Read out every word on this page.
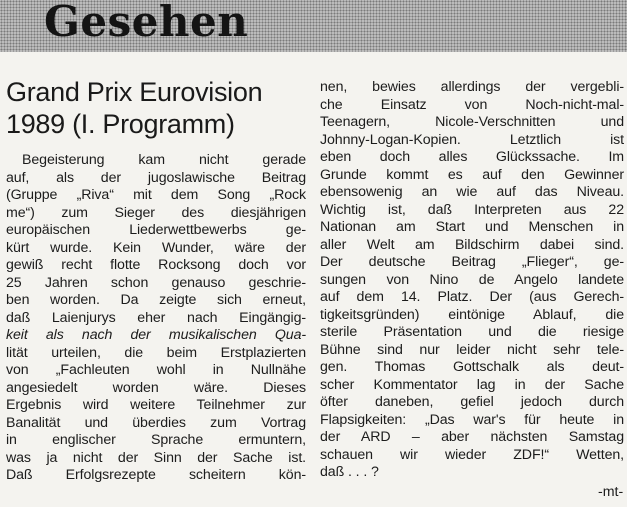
Gesehen
Grand Prix Eurovision
1989 (I. Programm)
Begeisterung kam nicht gerade
auf, als der jugoslawische Beitrag
(Gruppe „Riva“ mit dem Song „Rock
me“) zum Sieger des diesjährigen
europäischen Liederwettbewerbs ge-
kürt wurde. Kein Wunder, wäre der
gewiß recht flotte Rocksong doch vor
25 Jahren schon genauso geschrie-
ben worden. Da zeigte sich erneut,
daß Laienjurys eher nach Eingängig-
keit als nach der musikalischen Qua-
lität urteilen, die beim Erstplazierten
von „Fachleuten wohl in Nullnähe
angesiedelt worden wäre. Dieses
Ergebnis wird weitere Teilnehmer zur
Banalität und überdies zum Vortrag
in englischer Sprache ermuntern,
was ja nicht der Sinn der Sache ist.
Daß Erfolgsrezepte scheitern kön-
nen, bewies allerdings der vergebli-
che Einsatz von Noch-nicht-mal-
Teenagern, Nicole-Verschnitten und
Johnny-Logan-Kopien. Letztlich ist
eben doch alles Glückssache. Im
Grunde kommt es auf den Gewinner
ebensowenig an wie auf das Niveau.
Wichtig ist, daß Interpreten aus 22
Nationan am Start und Menschen in
aller Welt am Bildschirm dabei sind.
Der deutsche Beitrag „Flieger“, ge-
sungen von Nino de Angelo landete
auf dem 14. Platz. Der (aus Gerech-
tigkeitsgründen) eintönige Ablauf, die
sterile Präsentation und die riesige
Bühne sind nur leider nicht sehr tele-
gen. Thomas Gottschalk als deut-
scher Kommentator lag in der Sache
öfter daneben, gefiel jedoch durch
Flapsigkeiten: „Das war's für heute in
der ARD – aber nächsten Samstag
schauen wir wieder ZDF!“ Wetten,
daß . . . ?
-mt-
